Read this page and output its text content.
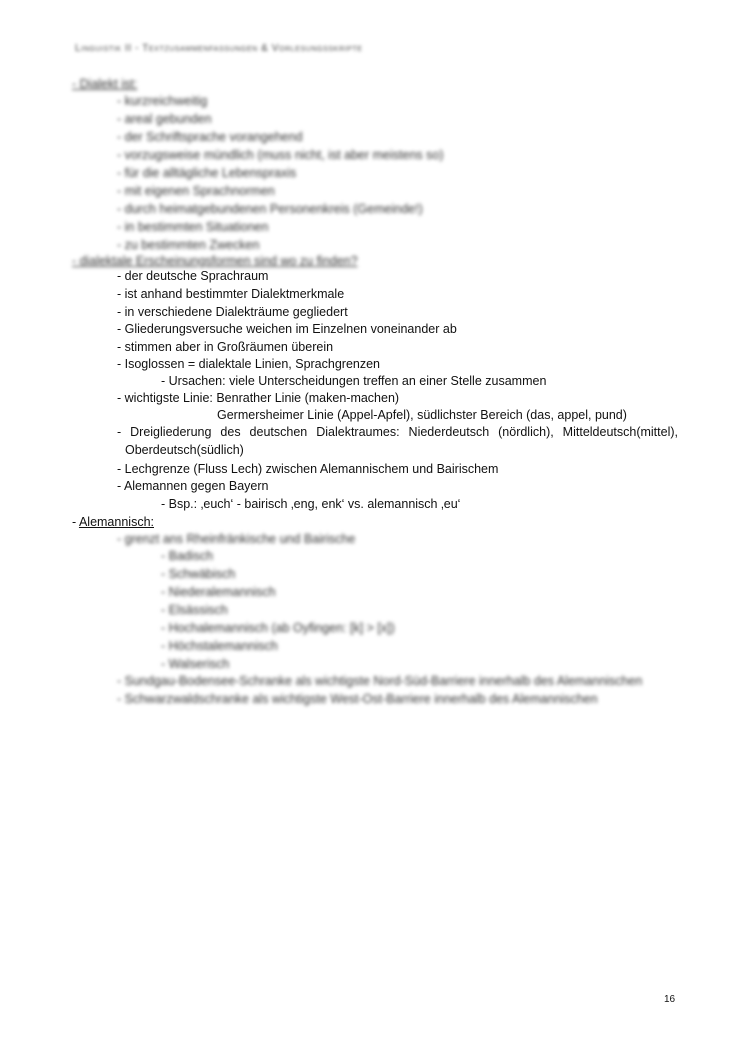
Linguistik II - Textzusammenfassungen & Vorlesungsskripte
- Dialekt ist:
- kurzreichweitig
- areal gebunden
- der Schriftsprache vorangehend
- vorzugsweise mündlich (muss nicht, ist aber meistens so)
- für die alltägliche Lebenspraxis
- mit eigenen Sprachnormen
- durch heimatgebundenen Personenkreis (Gemeinde!)
- in bestimmten Situationen
- zu bestimmten Zwecken
- dialektale Erscheinungsformen sind wo zu finden?
- der deutsche Sprachraum
- ist anhand bestimmter Dialektmerkmale
- in verschiedene Dialekträume gegliedert
- Gliederungsversuche weichen im Einzelnen voneinander ab
- stimmen aber in Großräumen überein
- Isoglossen = dialektale Linien, Sprachgrenzen
- Ursachen: viele Unterscheidungen treffen an einer Stelle zusammen
- wichtigste Linie: Benrather Linie (maken-machen)
Germersheimer Linie (Appel-Apfel), südlichster Bereich (das, appel, pund)
- Dreigliederung des deutschen Dialektraumes: Niederdeutsch (nördlich), Mitteldeutsch(mittel),
Oberdeutsch(südlich)
- Lechgrenze (Fluss Lech) zwischen Alemannischem und Bairischem
- Alemannen gegen Bayern
- Bsp.: ‚euch‘ - bairisch ‚eng, enk‘ vs. alemannisch ‚eu‘
- Alemannisch:
- grenzt ans Rheinfränkische und Bairische
- Badisch
- Schwäbisch
- Niederalemannisch
- Elsässisch
- Hochalemannisch (ab Oyfingen: [k] > [x])
- Höchstalemannisch
- Walserisch
- Sundgau-Bodensee-Schranke als wichtigste Nord-Süd-Barriere innerhalb des Alemannischen
- Schwarzwaldschranke als wichtigste West-Ost-Barriere innerhalb des Alemannischen
16
